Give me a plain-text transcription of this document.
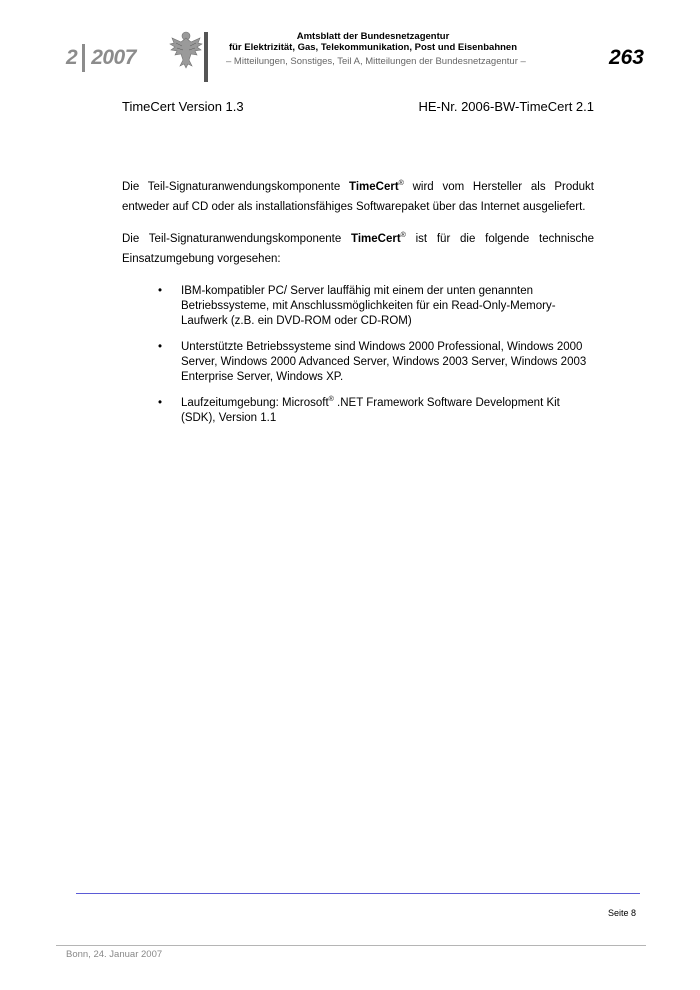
2 2007
Amtsblatt der Bundesnetzagentur
für Elektrizität, Gas, Telekommunikation, Post und Eisenbahnen
– Mitteilungen, Sonstiges, Teil A, Mitteilungen der Bundesnetzagentur –	263
TimeCert Version 1.3	HE-Nr. 2006-BW-TimeCert 2.1
Die Teil-Signaturanwendungskomponente TimeCert® wird vom Hersteller als Produkt entweder auf CD oder als installationsfähiges Softwarepaket über das Internet ausgeliefert.
Die Teil-Signaturanwendungskomponente TimeCert® ist für die folgende technische Einsatzumgebung vorgesehen:
• IBM-kompatibler PC/ Server lauffähig mit einem der unten genannten Betriebssysteme, mit Anschlussmöglichkeiten für ein Read-Only-Memory-Laufwerk (z.B. ein DVD-ROM oder CD-ROM)
• Unterstützte Betriebssysteme sind Windows 2000 Professional, Windows 2000 Server, Windows 2000 Advanced Server, Windows 2003 Server, Windows 2003 Enterprise Server, Windows XP.
• Laufzeitumgebung: Microsoft® .NET Framework Software Development Kit (SDK), Version 1.1
Seite 8
Bonn, 24. Januar 2007
